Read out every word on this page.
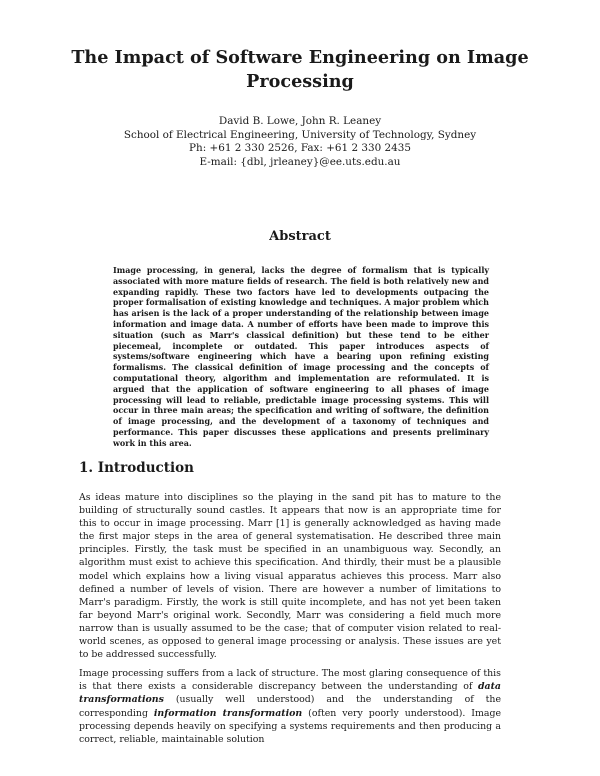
The Impact of Software Engineering on Image Processing
David B. Lowe, John R. Leaney
School of Electrical Engineering, University of Technology, Sydney
Ph: +61 2 330 2526, Fax: +61 2 330 2435
E-mail: {dbl, jrleaney}@ee.uts.edu.au
Abstract

Image processing, in general, lacks the degree of formalism that is typically associated with more mature fields of research. The field is both relatively new and expanding rapidly. These two factors have led to developments outpacing the proper formalisation of existing knowledge and techniques. A major problem which has arisen is the lack of a proper understanding of the relationship between image information and image data. A number of efforts have been made to improve this situation (such as Marr's classical definition) but these tend to be either piecemeal, incomplete or outdated. This paper introduces aspects of systems/software engineering which have a bearing upon refining existing formalisms. The classical definition of image processing and the concepts of computational theory, algorithm and implementation are reformulated. It is argued that the application of software engineering to all phases of image processing will lead to reliable, predictable image processing systems. This will occur in three main areas; the specification and writing of software, the definition of image processing, and the development of a taxonomy of techniques and performance. This paper discusses these applications and presents preliminary work in this area.

1. Introduction

As ideas mature into disciplines so the playing in the sand pit has to mature to the building of structurally sound castles. It appears that now is an appropriate time for this to occur in image processing. Marr [1] is generally acknowledged as having made the first major steps in the area of general systematisation. He described three main principles. Firstly, the task must be specified in an unambiguous way. Secondly, an algorithm must exist to achieve this specification. And thirdly, their must be a plausible model which explains how a living visual apparatus achieves this process. Marr also defined a number of levels of vision. There are however a number of limitations to Marr's paradigm. Firstly, the work is still quite incomplete, and has not yet been taken far beyond Marr's original work. Secondly, Marr was considering a field much more narrow than is usually assumed to be the case; that of computer vision related to real-world scenes, as opposed to general image processing or analysis. These issues are yet to be addressed successfully.

Image processing suffers from a lack of structure. The most glaring consequence of this is that there exists a considerable discrepancy between the understanding of data transformations (usually well understood) and the understanding of the corresponding information transformation (often very poorly understood). Image processing depends heavily on specifying a systems requirements and then producing a correct, reliable, maintainable solution
